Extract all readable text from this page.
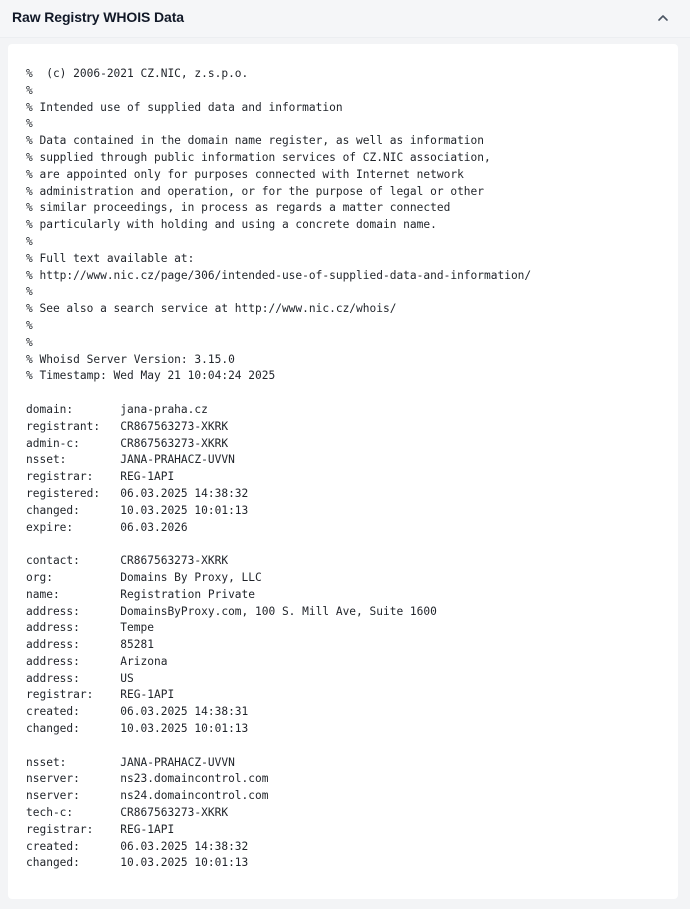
Raw Registry WHOIS Data
%  (c) 2006-2021 CZ.NIC, z.s.p.o.
%
% Intended use of supplied data and information
%
% Data contained in the domain name register, as well as information
% supplied through public information services of CZ.NIC association,
% are appointed only for purposes connected with Internet network
% administration and operation, or for the purpose of legal or other
% similar proceedings, in process as regards a matter connected
% particularly with holding and using a concrete domain name.
%
% Full text available at:
% http://www.nic.cz/page/306/intended-use-of-supplied-data-and-information/
%
% See also a search service at http://www.nic.cz/whois/
%
%
% Whoisd Server Version: 3.15.0
% Timestamp: Wed May 21 10:04:24 2025

domain:       jana-praha.cz
registrant:   CR867563273-XKRK
admin-c:      CR867563273-XKRK
nsset:        JANA-PRAHACZ-UVVN
registrar:    REG-1API
registered:   06.03.2025 14:38:32
changed:      10.03.2025 10:01:13
expire:       06.03.2026

contact:      CR867563273-XKRK
org:          Domains By Proxy, LLC
name:         Registration Private
address:      DomainsByProxy.com, 100 S. Mill Ave, Suite 1600
address:      Tempe
address:      85281
address:      Arizona
address:      US
registrar:    REG-1API
created:      06.03.2025 14:38:31
changed:      10.03.2025 10:01:13

nsset:        JANA-PRAHACZ-UVVN
nserver:      ns23.domaincontrol.com
nserver:      ns24.domaincontrol.com
tech-c:       CR867563273-XKRK
registrar:    REG-1API
created:      06.03.2025 14:38:32
changed:      10.03.2025 10:01:13
